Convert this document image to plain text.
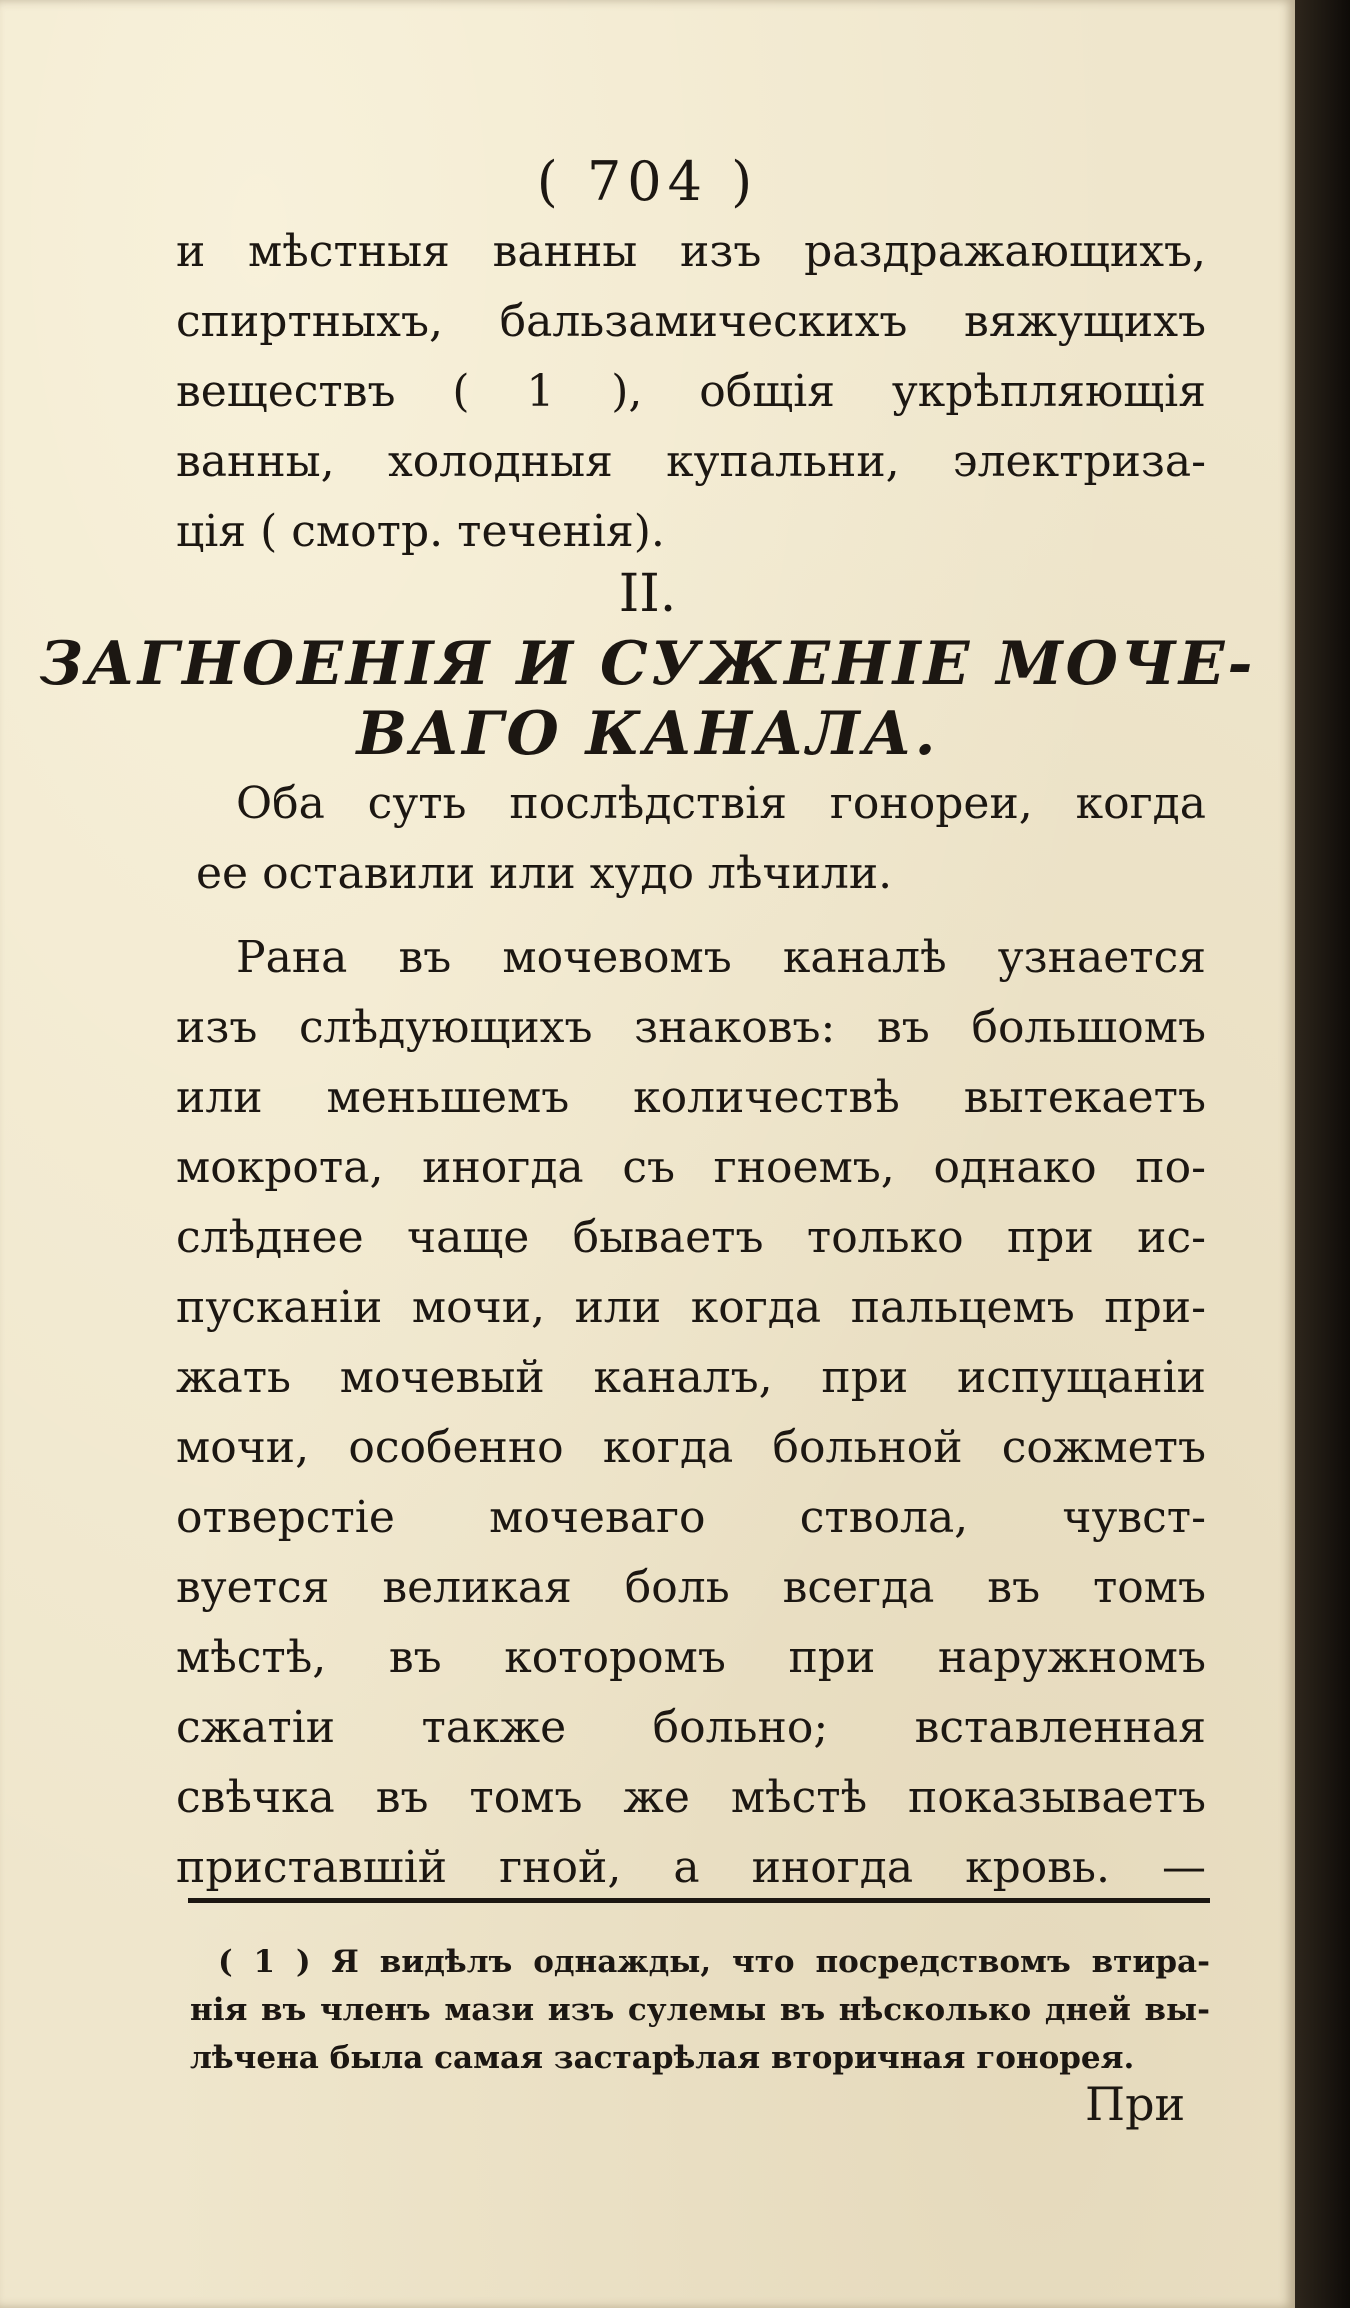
( 704 )
и мѣстныя ванны изъ раздражающихъ,
спиртныхъ, бальзамическихъ вяжущихъ
веществъ ( 1 ), общія укрѣпляющія
ванны, холодныя купальни, электриза-
ція ( смотр. теченія).
II.
ЗАГНОЕНІЯ И СУЖЕНІЕ МОЧЕ-
ВАГО КАНАЛА.
Оба суть послѣдствія гонореи, когда
ее оставили или худо лѣчили.
Рана въ мочевомъ каналѣ узнается
изъ слѣдующихъ знаковъ: въ большомъ
или меньшемъ количествѣ вытекаетъ
мокрота, иногда съ гноемъ, однако по-
слѣднее чаще бываетъ только при ис-
пусканіи мочи, или когда пальцемъ при-
жать мочевый каналъ, при испущаніи
мочи, особенно когда больной сожметъ
отверстіе мочеваго ствола, чувст-
вуется великая боль всегда въ томъ
мѣстѣ, въ которомъ при наружномъ
сжатіи также больно; вставленная
свѣчка въ томъ же мѣстѣ показываетъ
приставшій гной, а иногда кровь. —
( 1 ) Я видѣлъ однажды, что посредствомъ втира-
нія въ членъ мази изъ сулемы въ нѣсколько дней вы-
лѣчена была самая застарѣлая вторичная гонорея.
При
